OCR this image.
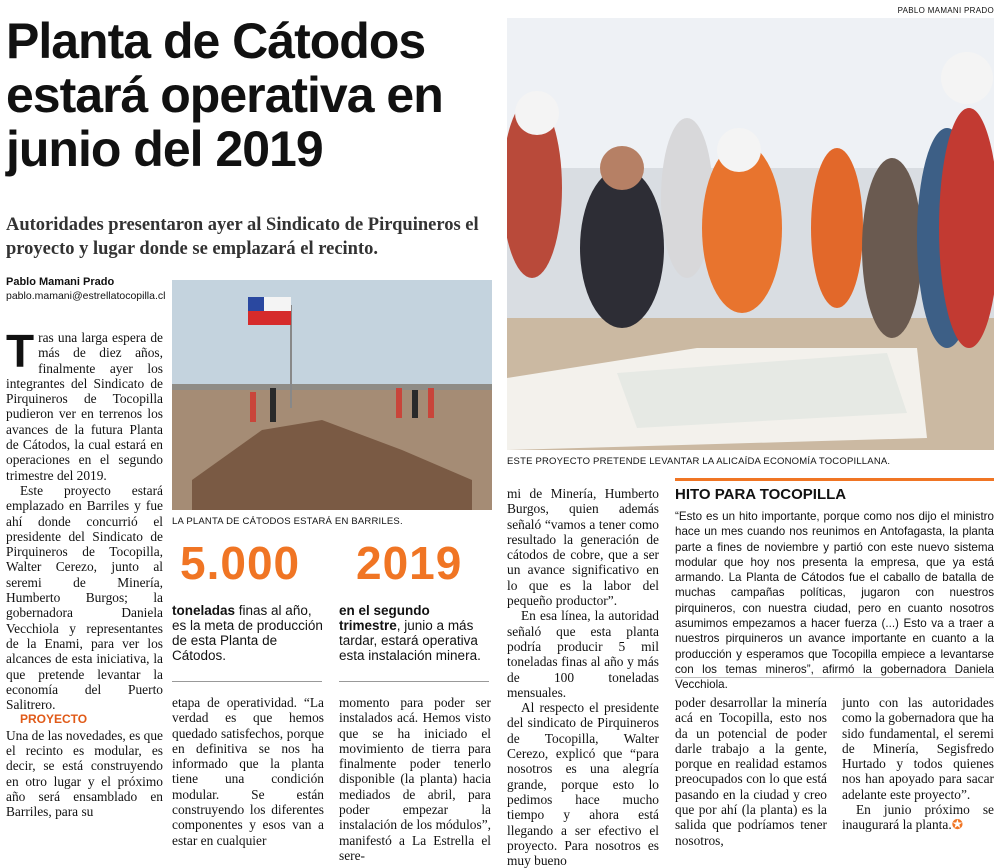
PABLO MAMANI PRADO
Planta de Cátodos estará operativa en junio del 2019

Autoridades presentaron ayer al Sindicato de Pirquineros el proyecto y lugar donde se emplazará el recinto.

Pablo Mamani Prado
pablo.mamani@estrellatocopilla.cl
ESTE PROYECTO PRETENDE LEVANTAR LA ALICAÍDA ECONOMÍA TOCOPILLANA.
LA PLANTA DE CÁTODOS ESTARÁ EN BARRILES.

Tras una larga espera de más de diez años, finalmente ayer los integrantes del Sindicato de Pirquineros de Tocopilla pudieron ver en terrenos los avances de la futura Planta de Cátodos, la cual estará en operaciones en el segundo trimestre del 2019.

Este proyecto estará emplazado en Barriles y fue ahí donde concurrió el presidente del Sindicato de Pirquineros de Tocopilla, Walter Cerezo, junto al seremi de Minería, Humberto Burgos; la gobernadora Daniela Vecchiola y representantes de la Enami, para ver los alcances de esta iniciativa, la que pretende levantar la economía del Puerto Salitrero.

PROYECTO

Una de las novedades, es que el recinto es modular, es decir, se está construyendo en otro lugar y el próximo año será ensamblado en Barriles, para su

5.000
toneladas finas al año, es la meta de producción de esta Planta de Cátodos.
2019
en el segundo trimestre, junio a más tardar, estará operativa esta instalación minera.

etapa de operatividad. “La verdad es que hemos quedado satisfechos, porque en definitiva se nos ha informado que la planta tiene una condición modular. Se están construyendo los diferentes componentes y esos van a estar en cualquier

momento para poder ser instalados acá. Hemos visto que se ha iniciado el movimiento de tierra para finalmente poder tenerlo disponible (la planta) hacia mediados de abril, para poder empezar la instalación de los módulos”, manifestó a La Estrella el sere-

mi de Minería, Humberto Burgos, quien además señaló “vamos a tener como resultado la generación de cátodos de cobre, que a ser un avance significativo en lo que es la labor del pequeño productor”.

En esa línea, la autoridad señaló que esta planta podría producir 5 mil toneladas finas al año y más de 100 toneladas mensuales.

Al respecto el presidente del sindicato de Pirquineros de Tocopilla, Walter Cerezo, explicó que “para nosotros es una alegría grande, porque esto lo pedimos hace mucho tiempo y ahora está llegando a ser efectivo el proyecto. Para nosotros es muy bueno

HITO PARA TOCOPILLA
“Esto es un hito importante, porque como nos dijo el ministro hace un mes cuando nos reunimos en Antofagasta, la planta parte a fines de noviembre y partió con este nuevo sistema modular que hoy nos presenta la empresa, que ya está armando. La Planta de Cátodos fue el caballo de batalla de muchas campañas políticas, jugaron con nuestros pirquineros, con nuestra ciudad, pero en cuanto nosotros asumimos empezamos a hacer fuerza (...) Esto va a traer a nuestros pirquineros un avance importante en cuanto a la producción y esperamos que Tocopilla empiece a levantarse con los temas mineros”, afirmó la gobernadora Daniela Vecchiola.

poder desarrollar la minería acá en Tocopilla, esto nos da un potencial de poder darle trabajo a la gente, porque en realidad estamos preocupados con lo que está pasando en la ciudad y creo que por ahí (la planta) es la salida que podríamos tener nosotros,

junto con las autoridades como la gobernadora que ha sido fundamental, el seremi de Minería, Segisfredo Hurtado y todos quienes nos han apoyado para sacar adelante este proyecto”.

En junio próximo se inaugurará la planta.✪
